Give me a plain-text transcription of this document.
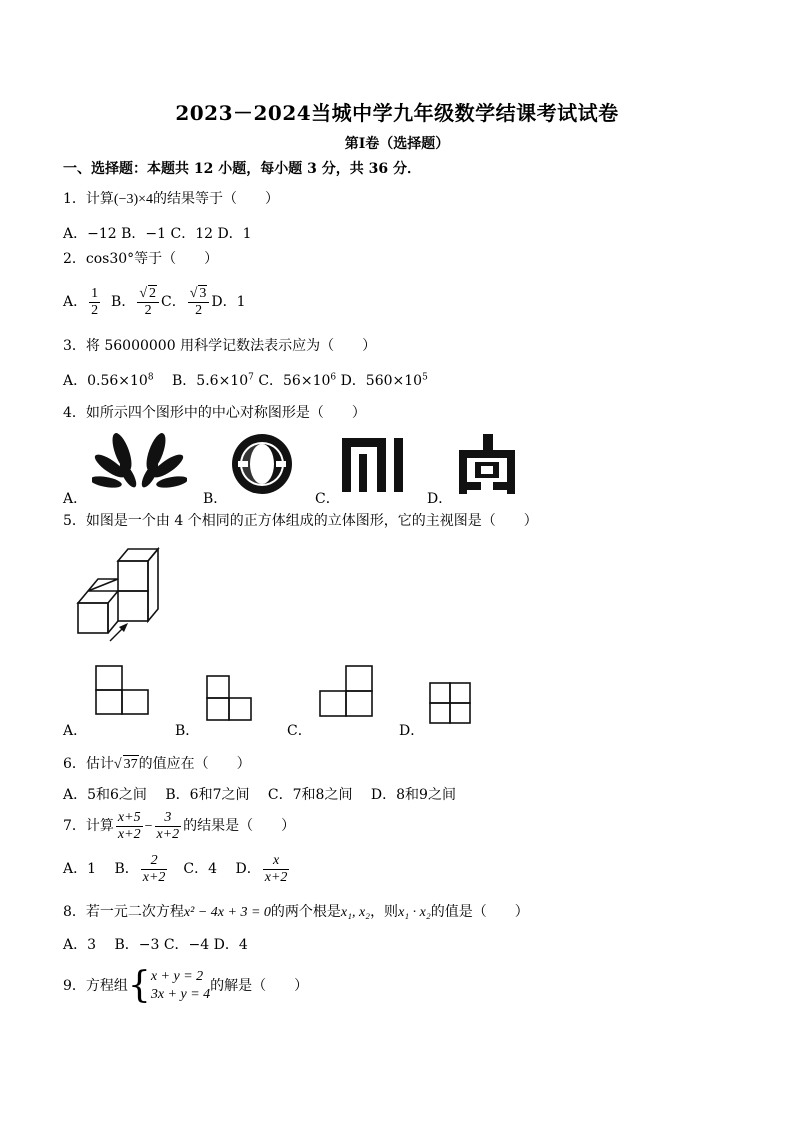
2023－2024当城中学九年级数学结课考试试卷
第Ⅰ卷（选择题）
一、选择题：本题共 12 小题，每小题 3 分，共 36 分．
1．计算(−3)×4的结果等于（　　）
A．−12 B．−1 C．12 D．1
2．cos30°等于（　　）
A． $\frac{1}{2}$ B． $\frac{√ 2}{2}$ C． $\frac{√ 3}{2}$ D．1
3．将 56000000 用科学记数法表示应为（　　）
A．$0.56\times 10^8$　 B．$5.6\times 10^7$ C．$56\times 10^6$ D．$560\times 10^5$
4．如所示四个图形中的中心对称图形是（　　）
A．	B．	C．	D．
5．如图是一个由 4 个相同的正方体组成的立体图形，它的主视图是（　　）
A．	B．	C．	D．
6．估计√ 37的值应在（　　）
A．5和6之间　 B．6和7之间　 C．7和8之间　 D．8和9之间
7．计算 $\frac{x+5}{x+2} - \frac{3}{x+2}$ 的结果是（　　）
A．1　 B． $\frac{2}{x+2}$ 　C．4　 D． $\frac{x}{x+2}$
8．若一元二次方程x² − 4x + 3 = 0的两个根是x₁, x₂，则x₁ · x₂的值是（　　）
A．3　 B．−3 C．−4 D．4
9．方程组{ x + y = 2
3x + y = 4
的解是（　　）
